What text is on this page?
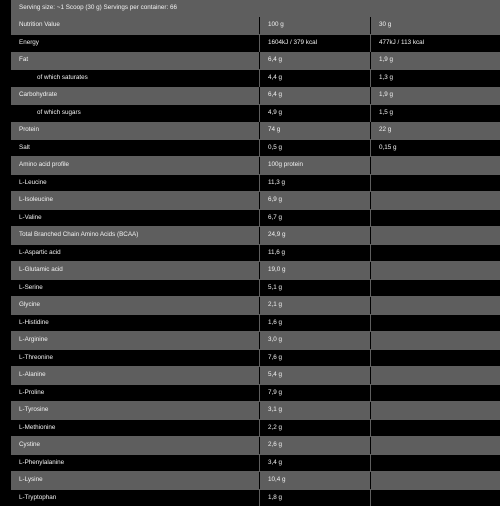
Serving size: ~1 Scoop (30 g) Servings per container: 66
Nutrition Value	100 g	30 g
Energy	1604kJ / 379 kcal	477kJ / 113 kcal
Fat	6,4 g	1,9 g
of which saturates	4,4 g	1,3 g
Carbohydrate	6,4 g	1,9 g
of which sugars	4,9 g	1,5 g
Protein	74 g	22 g
Salt	0,5 g	0,15 g
Amino acid profile	100g protein
L-Leucine	11,3 g
L-Isoleucine	6,9 g
L-Valine	6,7 g
Total Branched Chain Amino Acids (BCAA)	24,9 g
L-Aspartic acid	11,6 g
L-Glutamic acid	19,0 g
L-Serine	5,1 g
Glycine	2,1 g
L-Histidine	1,6 g
L-Arginine	3,0 g
L-Threonine	7,6 g
L-Alanine	5,4 g
L-Proline	7,9 g
L-Tyrosine	3,1 g
L-Methionine	2,2 g
Cystine	2,6 g
L-Phenylalanine	3,4 g
L-Lysine	10,4 g
L-Tryptophan	1,8 g
